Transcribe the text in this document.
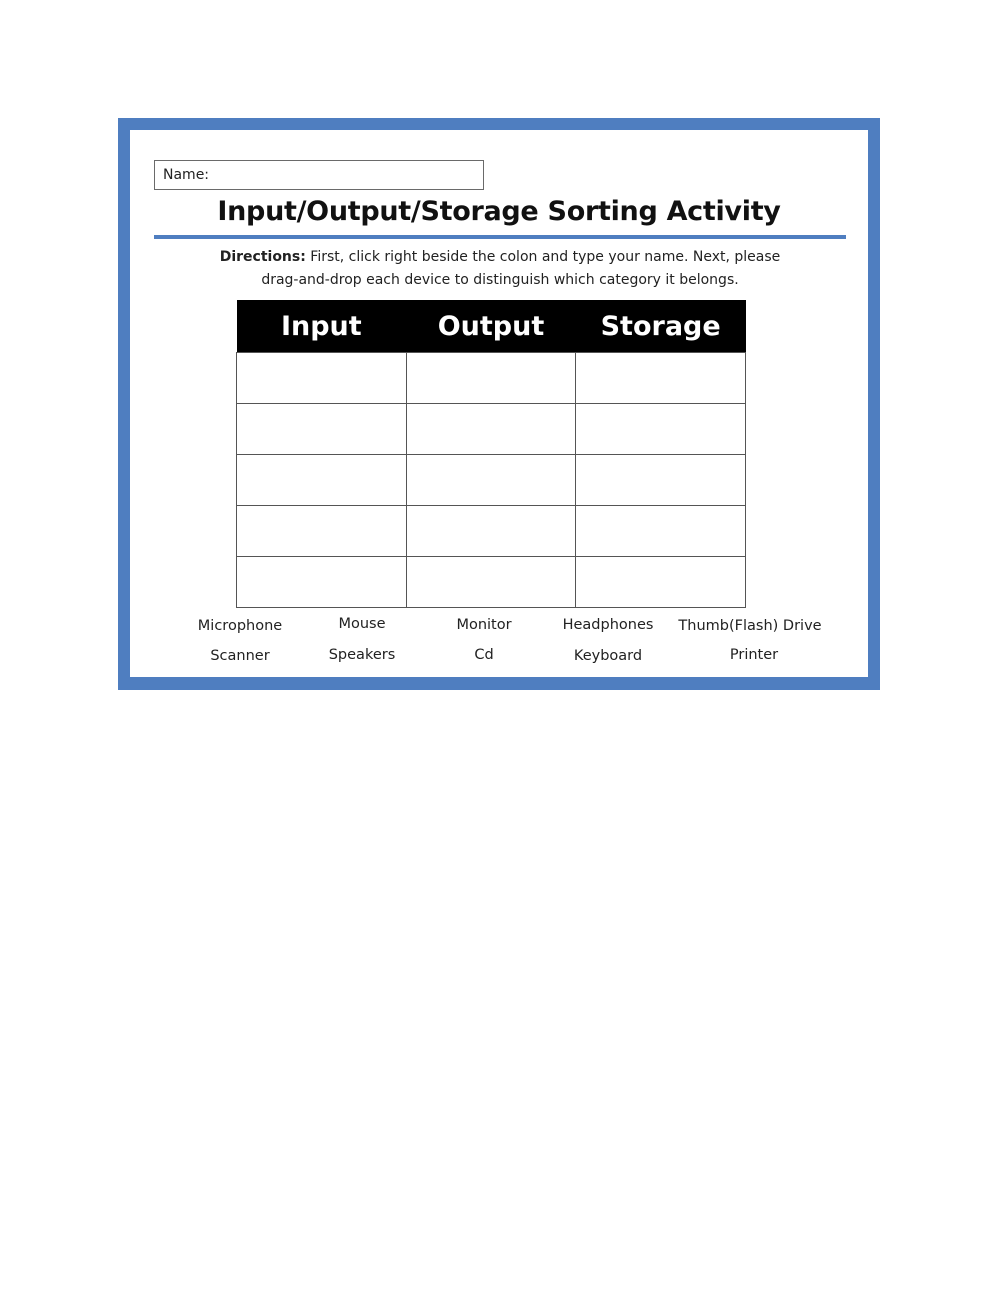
Name:
Input/Output/Storage Sorting Activity
Directions: First, click right beside the colon and type your name. Next, please
drag-and-drop each device to distinguish which category it belongs.
Input	Output	Storage

Microphone	Mouse	Monitor	Headphones Thumb(Flash) Drive
Scanner	Speakers	Cd	Keyboard	Printer
© La-Netta Mark 2018
